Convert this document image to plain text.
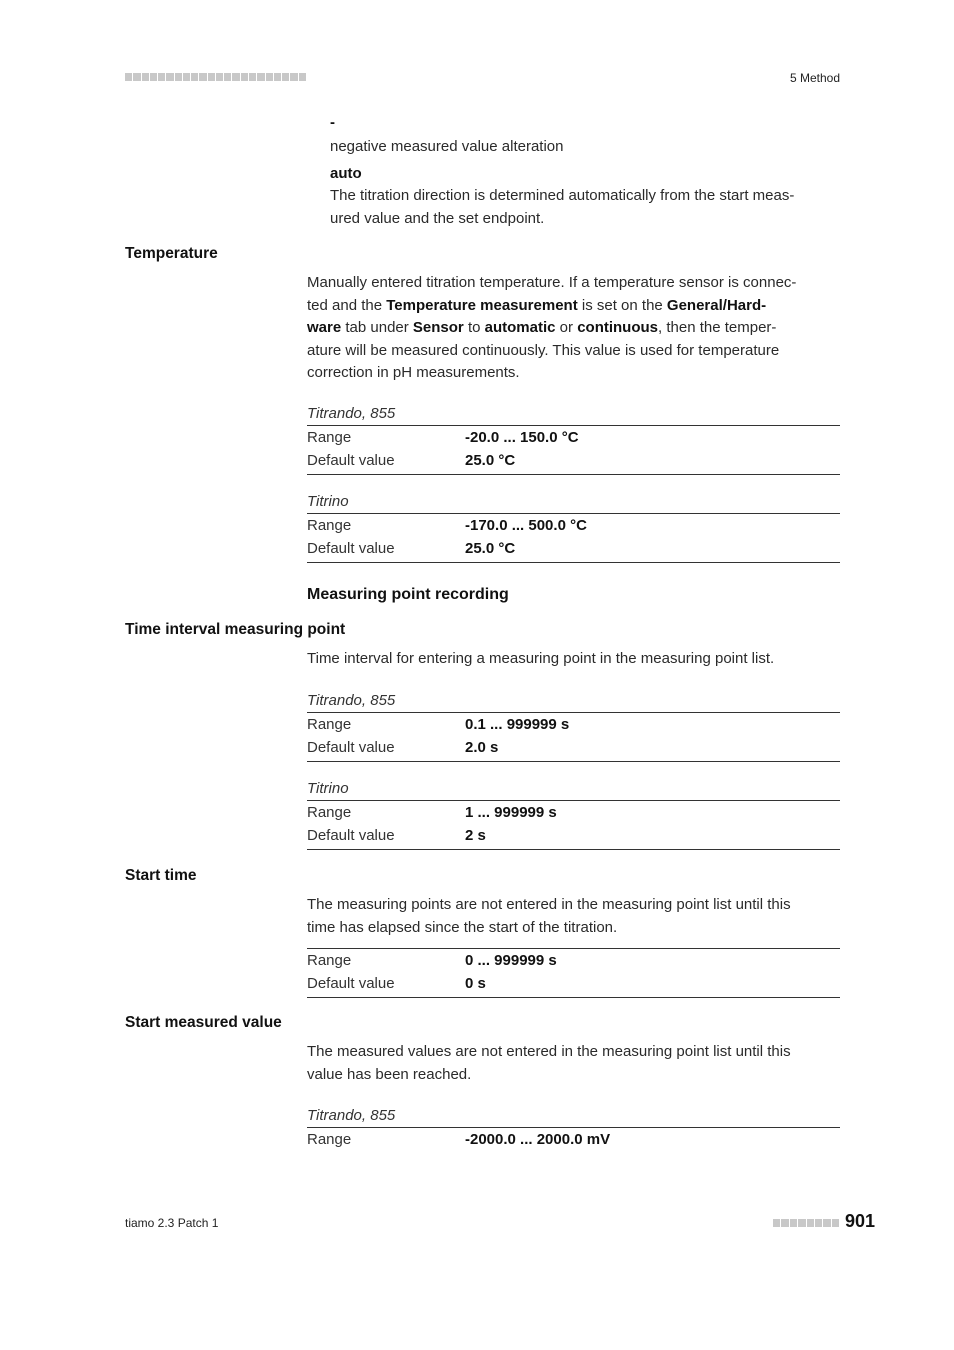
5 Method
-
negative measured value alteration
auto
The titration direction is determined automatically from the start meas-
ured value and the set endpoint.
Temperature
Manually entered titration temperature. If a temperature sensor is connec-
ted and the Temperature measurement is set on the General/Hard-
ware tab under Sensor to automatic or continuous, then the temper-
ature will be measured continuously. This value is used for temperature
correction in pH measurements.
Titrando, 855
Range	-20.0 ... 150.0 °C
Default value	25.0 °C
Titrino
Range	-170.0 ... 500.0 °C
Default value	25.0 °C
Measuring point recording
Time interval measuring point
Time interval for entering a measuring point in the measuring point list.
Titrando, 855
Range	0.1 ... 999999 s
Default value	2.0 s
Titrino
Range	1 ... 999999 s
Default value	2 s
Start time
The measuring points are not entered in the measuring point list until this
time has elapsed since the start of the titration.
Range	0 ... 999999 s
Default value	0 s
Start measured value
The measured values are not entered in the measuring point list until this
value has been reached.
Titrando, 855
Range	-2000.0 ... 2000.0 mV
tiamo 2.3 Patch 1	901
